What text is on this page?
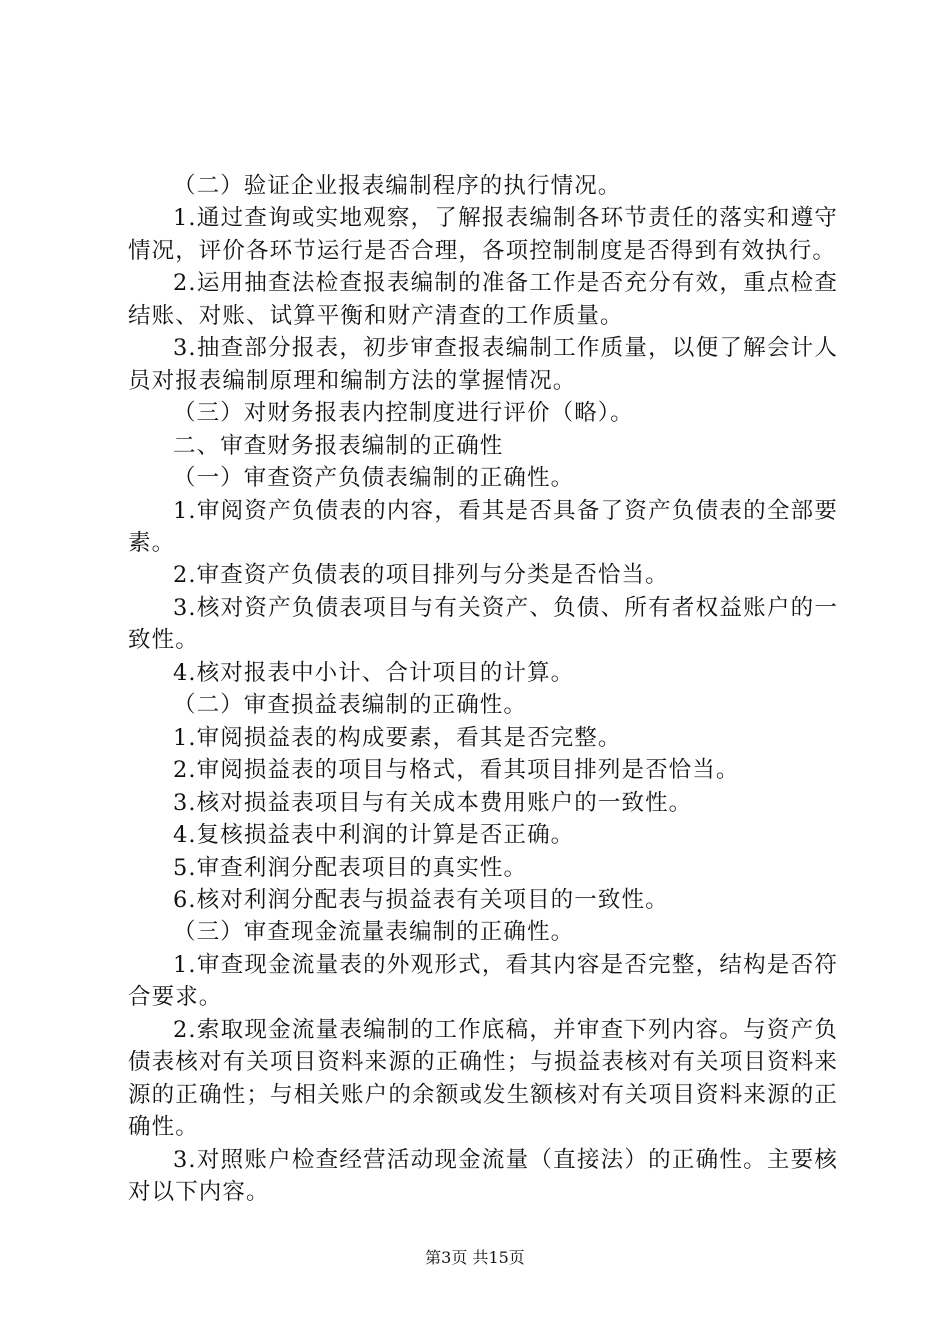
（二）验证企业报表编制程序的执行情况。

1.通过查询或实地观察，了解报表编制各环节责任的落实和遵守情况，评价各环节运行是否合理，各项控制制度是否得到有效执行。

2.运用抽查法检查报表编制的准备工作是否充分有效，重点检查结账、对账、试算平衡和财产清查的工作质量。

3.抽查部分报表，初步审查报表编制工作质量，以便了解会计人员对报表编制原理和编制方法的掌握情况。

（三）对财务报表内控制度进行评价（略）。

二、审查财务报表编制的正确性

（一）审查资产负债表编制的正确性。

1.审阅资产负债表的内容，看其是否具备了资产负债表的全部要素。

2.审查资产负债表的项目排列与分类是否恰当。

3.核对资产负债表项目与有关资产、负债、所有者权益账户的一致性。

4.核对报表中小计、合计项目的计算。

（二）审查损益表编制的正确性。

1.审阅损益表的构成要素，看其是否完整。

2.审阅损益表的项目与格式，看其项目排列是否恰当。

3.核对损益表项目与有关成本费用账户的一致性。

4.复核损益表中利润的计算是否正确。

5.审查利润分配表项目的真实性。

6.核对利润分配表与损益表有关项目的一致性。

（三）审查现金流量表编制的正确性。

1.审查现金流量表的外观形式，看其内容是否完整，结构是否符合要求。

2.索取现金流量表编制的工作底稿，并审查下列内容。与资产负债表核对有关项目资料来源的正确性；与损益表核对有关项目资料来源的正确性；与相关账户的余额或发生额核对有关项目资料来源的正确性。

3.对照账户检查经营活动现金流量（直接法）的正确性。主要核对以下内容。

第3页 共15页
